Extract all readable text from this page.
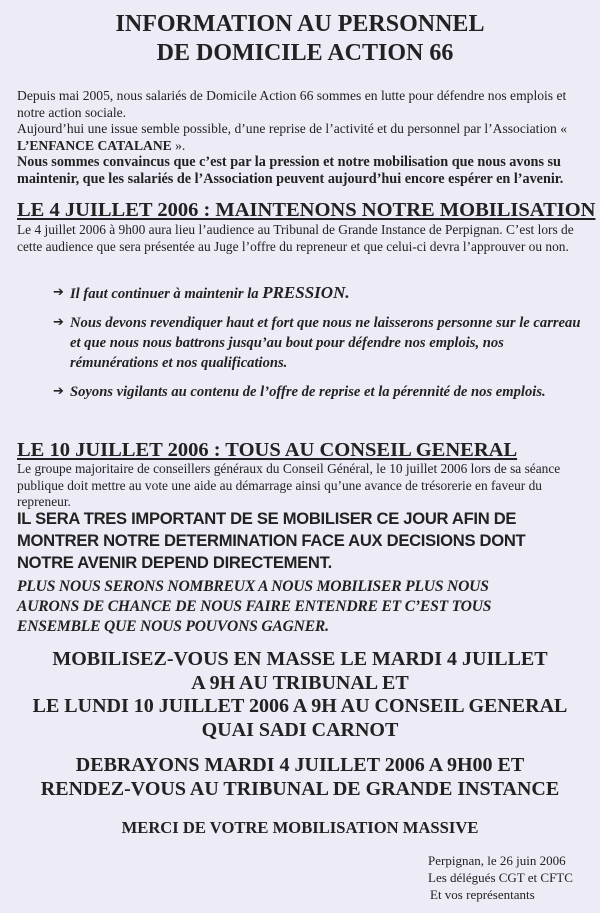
INFORMATION AU PERSONNEL
DE DOMICILE ACTION 66
Depuis mai 2005, nous salariés de Domicile Action 66 sommes en lutte pour défendre nos emplois et notre action sociale.
Aujourd’hui une issue semble possible, d’une reprise de l’activité et du personnel par l’Association « L’ENFANCE CATALANE ».
Nous sommes convaincus que c’est par la pression et notre mobilisation que nous avons su maintenir, que les salariés de l’Association peuvent aujourd’hui encore espérer en l’avenir.
LE 4 JUILLET 2006 : MAINTENONS NOTRE MOBILISATION
Le 4 juillet 2006 à 9h00 aura lieu l’audience au Tribunal de Grande Instance de Perpignan. C’est lors de cette audience que sera présentée au Juge l’offre du repreneur et que celui-ci devra l’approuver ou non.
➔ Il faut continuer à maintenir la PRESSION.
➔ Nous devons revendiquer haut et fort que nous ne laisserons personne sur le carreau et que nous nous battrons jusqu’au bout pour défendre nos emplois, nos rémunérations et nos qualifications.
➔ Soyons vigilants au contenu de l’offre de reprise et la pérennité de nos emplois.
LE 10 JUILLET 2006 : TOUS AU CONSEIL GENERAL
Le groupe majoritaire de conseillers généraux du Conseil Général, le 10 juillet 2006 lors de sa séance publique doit mettre au vote une aide au démarrage ainsi qu’une avance de trésorerie en faveur du repreneur.
IL SERA TRES IMPORTANT DE SE MOBILISER CE JOUR AFIN DE
MONTRER NOTRE DETERMINATION FACE AUX DECISIONS DONT
NOTRE AVENIR DEPEND DIRECTEMENT.
PLUS NOUS SERONS NOMBREUX A NOUS MOBILISER PLUS NOUS
AURONS DE CHANCE DE NOUS FAIRE ENTENDRE ET C’EST TOUS
ENSEMBLE QUE NOUS POUVONS GAGNER.
MOBILISEZ-VOUS EN MASSE LE MARDI 4 JUILLET
A 9H AU TRIBUNAL ET
LE LUNDI 10 JUILLET 2006 A 9H AU CONSEIL GENERAL
QUAI SADI CARNOT
DEBRAYONS MARDI 4 JUILLET 2006 A 9H00 ET
RENDEZ-VOUS AU TRIBUNAL DE GRANDE INSTANCE
MERCI DE VOTRE MOBILISATION MASSIVE
Perpignan, le 26 juin 2006
Les délégués CGT et CFTC
Et vos représentants
